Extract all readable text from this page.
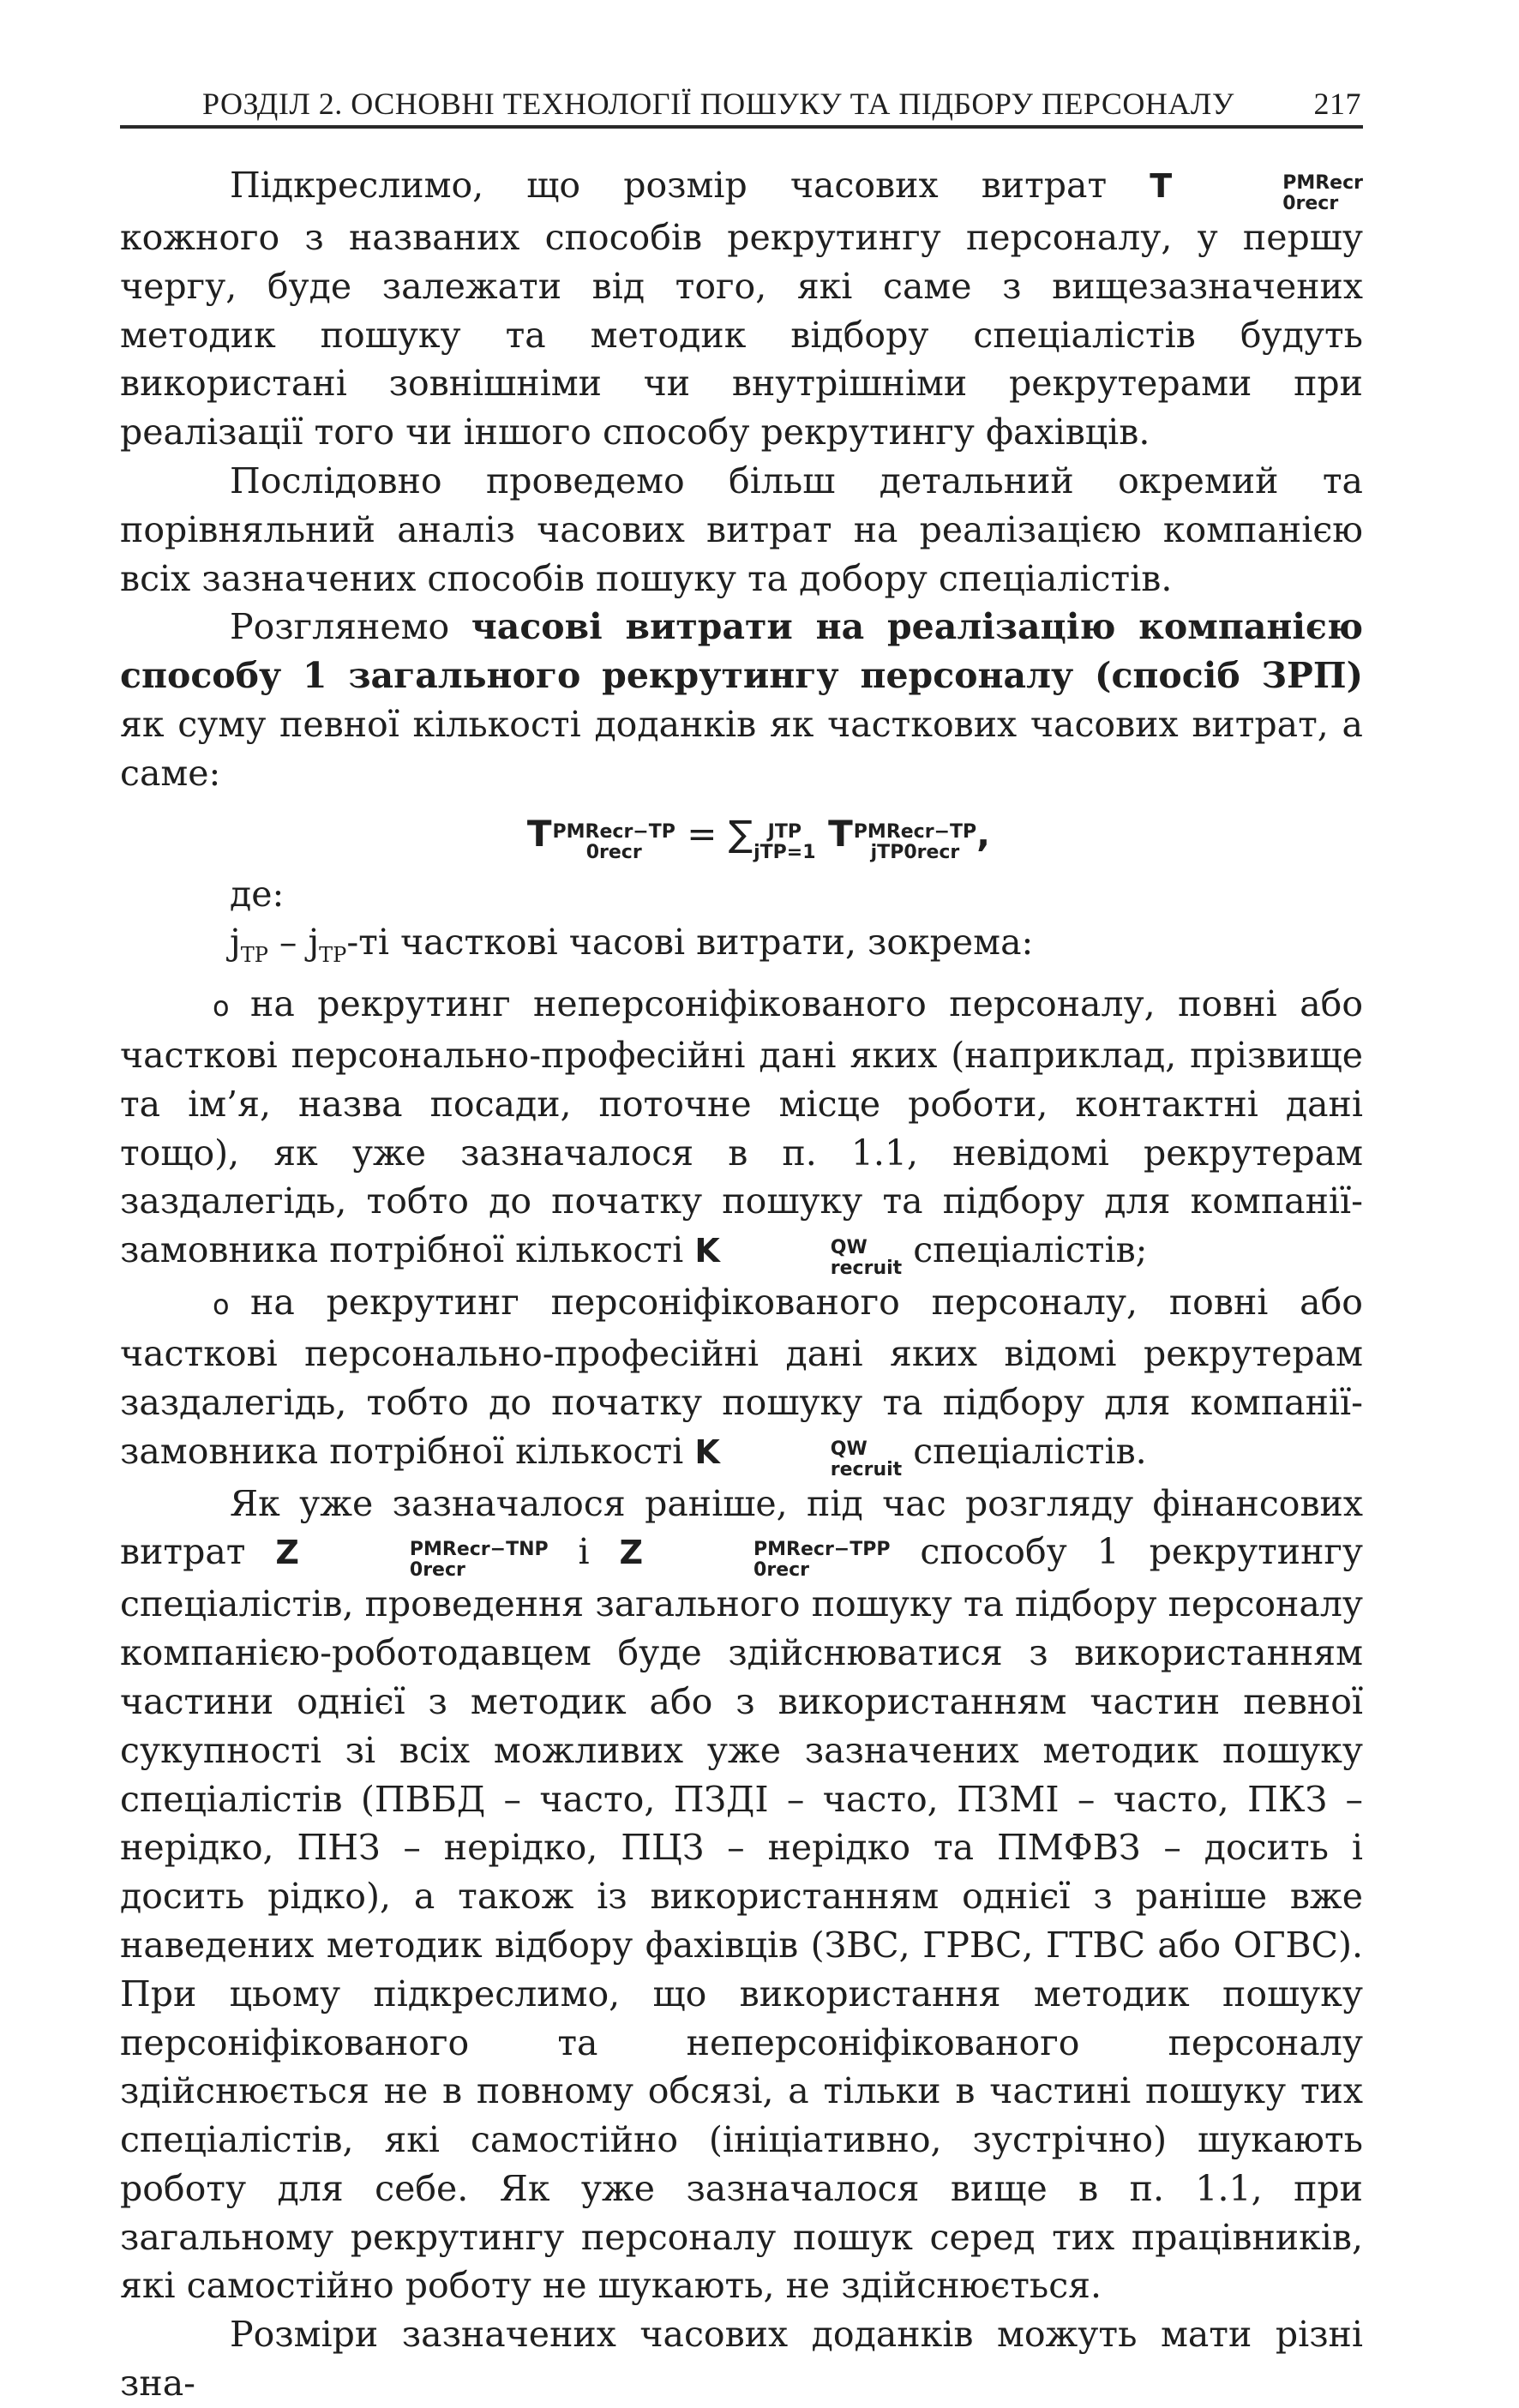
РОЗДІЛ 2. ОСНОВНІ ТЕХНОЛОГІЇ ПОШУКУ ТА ПІДБОРУ ПЕРСОНАЛУ	217

Підкреслимо, що розмір часових витрат T	PMRecr
0recr
кожного з названих способів рекрутингу персоналу, у першу чергу, буде залежати від того, які саме з вищезазначених методик пошуку та методик відбору спеціалістів будуть використані зовнішніми чи внутрішніми рекрутерами при реалізації того чи іншого способу рекрутингу фахівців.

Послідовно проведемо більш детальний окремий та порівняльний аналіз часових витрат на реалізацією компанією всіх зазначених способів пошуку та добору спеціалістів.

Розглянемо часові витрати на реалізацію компанією способу 1 загального рекрутингу персоналу (спосіб ЗРП) як суму певної кількості доданків як часткових часових витрат, а саме:

T PMRecr−TP
0recr = ∑ JTP
jTP=1 T PMRecr−TP
jTP0recr ,

де:

$j_{TP} - j_{TP}-ті$ часткові часові витрати, зокрема:

o на рекрутинг неперсоніфікованого персоналу, повні або часткові персонально-професійні дані яких (наприклад, прізвище та ім’я, назва посади, поточне місце роботи, контактні дані тощо), як уже зазначалося в п. 1.1, невідомі рекрутерам заздалегідь, тобто до початку пошуку та підбору для компанії-замовника потрібної кількості K	QW
recruit спеціалістів;

o на рекрутинг персоніфікованого персоналу, повні або часткові персонально-професійні дані яких відомі рекрутерам заздалегідь, тобто до початку пошуку та підбору для компанії-замовника потрібної кількості K	QW
recruit спеціалістів.

Як уже зазначалося раніше, під час розгляду фінансових витрат Z	PMRecr−TNP
0recr	і Z	PMRecr−TPP
0recr	способу 1 рекрутингу спеціалістів, проведення загального пошуку та підбору персоналу компанією-роботодавцем буде здійснюватися з використанням частини однієї з методик або з використанням частин певної сукупності зі всіх можливих уже зазначених методик пошуку спеціалістів (ПВБД – часто, ПЗДІ – часто, ПЗМІ – часто, ПКЗ – нерідко, ПНЗ – нерідко, ПЦЗ – нерідко та ПМФВЗ – досить і досить рідко), а також із використанням однієї з раніше вже наведених методик відбору фахівців (ЗВС, ГРВС, ГТВС або ОГВС). При цьому підкреслимо, що використання методик пошуку персоніфікованого та неперсоніфікованого персоналу здійснюється не в повному обсязі, а тільки в частині пошуку тих спеціалістів, які самостійно (ініціативно, зустрічно) шукають роботу для себе. Як уже зазначалося вище в п. 1.1, при загальному рекрутингу персоналу пошук серед тих працівників, які самостійно роботу не шукають, не здійснюється.

Розміри зазначених часових доданків можуть мати різні зна-
